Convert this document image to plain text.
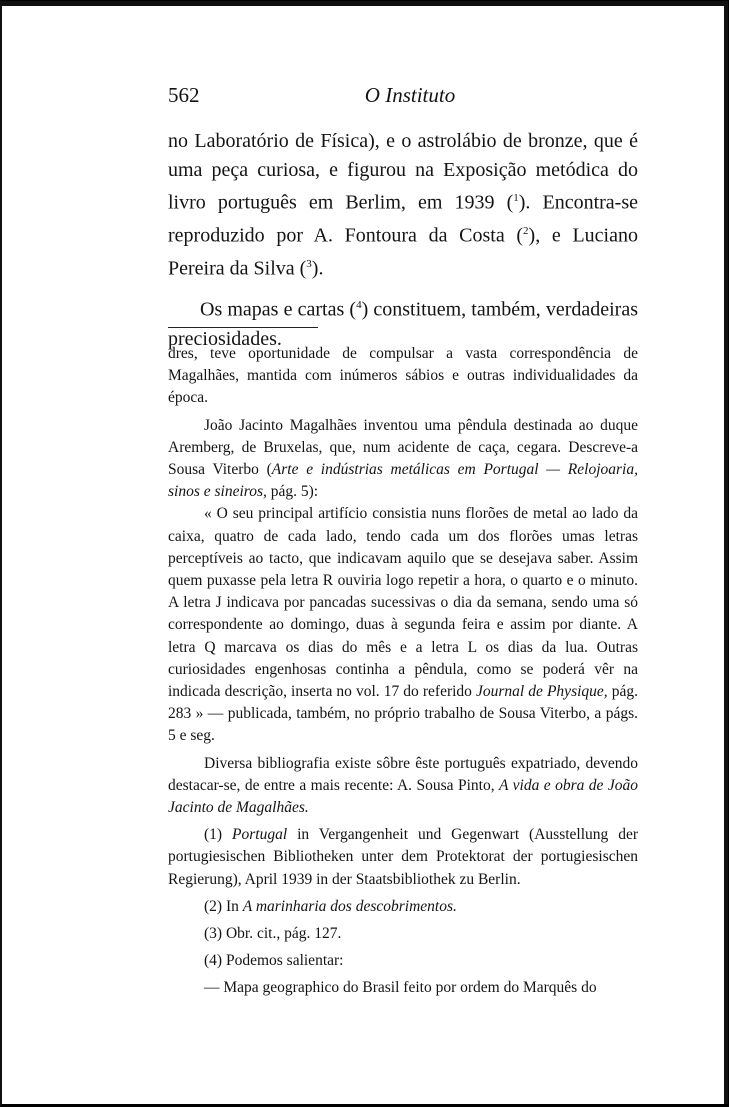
562	O Instituto

no Laboratório de Física), e o astrolábio de bronze, que é uma peça curiosa, e figurou na Exposição metódica do livro português em Berlim, em 1939 ($^1$). Encontra-se reproduzido por A. Fontoura da Costa ($^2$), e Luciano Pereira da Silva ($^3$).

Os mapas e cartas ($^4$) constituem, também, verdadeiras preciosidades.

dres, teve oportunidade de compulsar a vasta correspondência de Magalhães, mantida com inúmeros sábios e outras individualidades da época.

João Jacinto Magalhães inventou uma pêndula destinada ao duque Aremberg, de Bruxelas, que, num acidente de caça, cegara. Descreve-a Sousa Viterbo (Arte e indústrias metálicas em Portugal — Relojoaria, sinos e sineiros, pág. 5):

« O seu principal artifício consistia nuns florões de metal ao lado da caixa, quatro de cada lado, tendo cada um dos florões umas letras perceptíveis ao tacto, que indicavam aquilo que se desejava saber. Assim quem puxasse pela letra R ouviria logo repetir a hora, o quarto e o minuto. A letra J indicava por pancadas sucessivas o dia da semana, sendo uma só correspondente ao domingo, duas à segunda feira e assim por diante. A letra Q marcava os dias do mês e a letra L os dias da lua. Outras curiosidades engenhosas continha a pêndula, como se poderá vêr na indicada descrição, inserta no vol. 17 do referido Journal de Physique, pág. 283 » — publicada, também, no próprio trabalho de Sousa Viterbo, a págs. 5 e seg.

Diversa bibliografia existe sôbre êste português expatriado, devendo destacar-se, de entre a mais recente: A. Sousa Pinto, A vida e obra de João Jacinto de Magalhães.

(1) Portugal in Vergangenheit und Gegenwart (Ausstellung der portugiesischen Bibliotheken unter dem Protektorat der portugiesischen Regierung), April 1939 in der Staatsbibliothek zu Berlin.

(2) In A marinharia dos descobrimentos.

(3) Obr. cit., pág. 127.

(4) Podemos salientar:

— Mapa geographico do Brasil feito por ordem do Marquês do
